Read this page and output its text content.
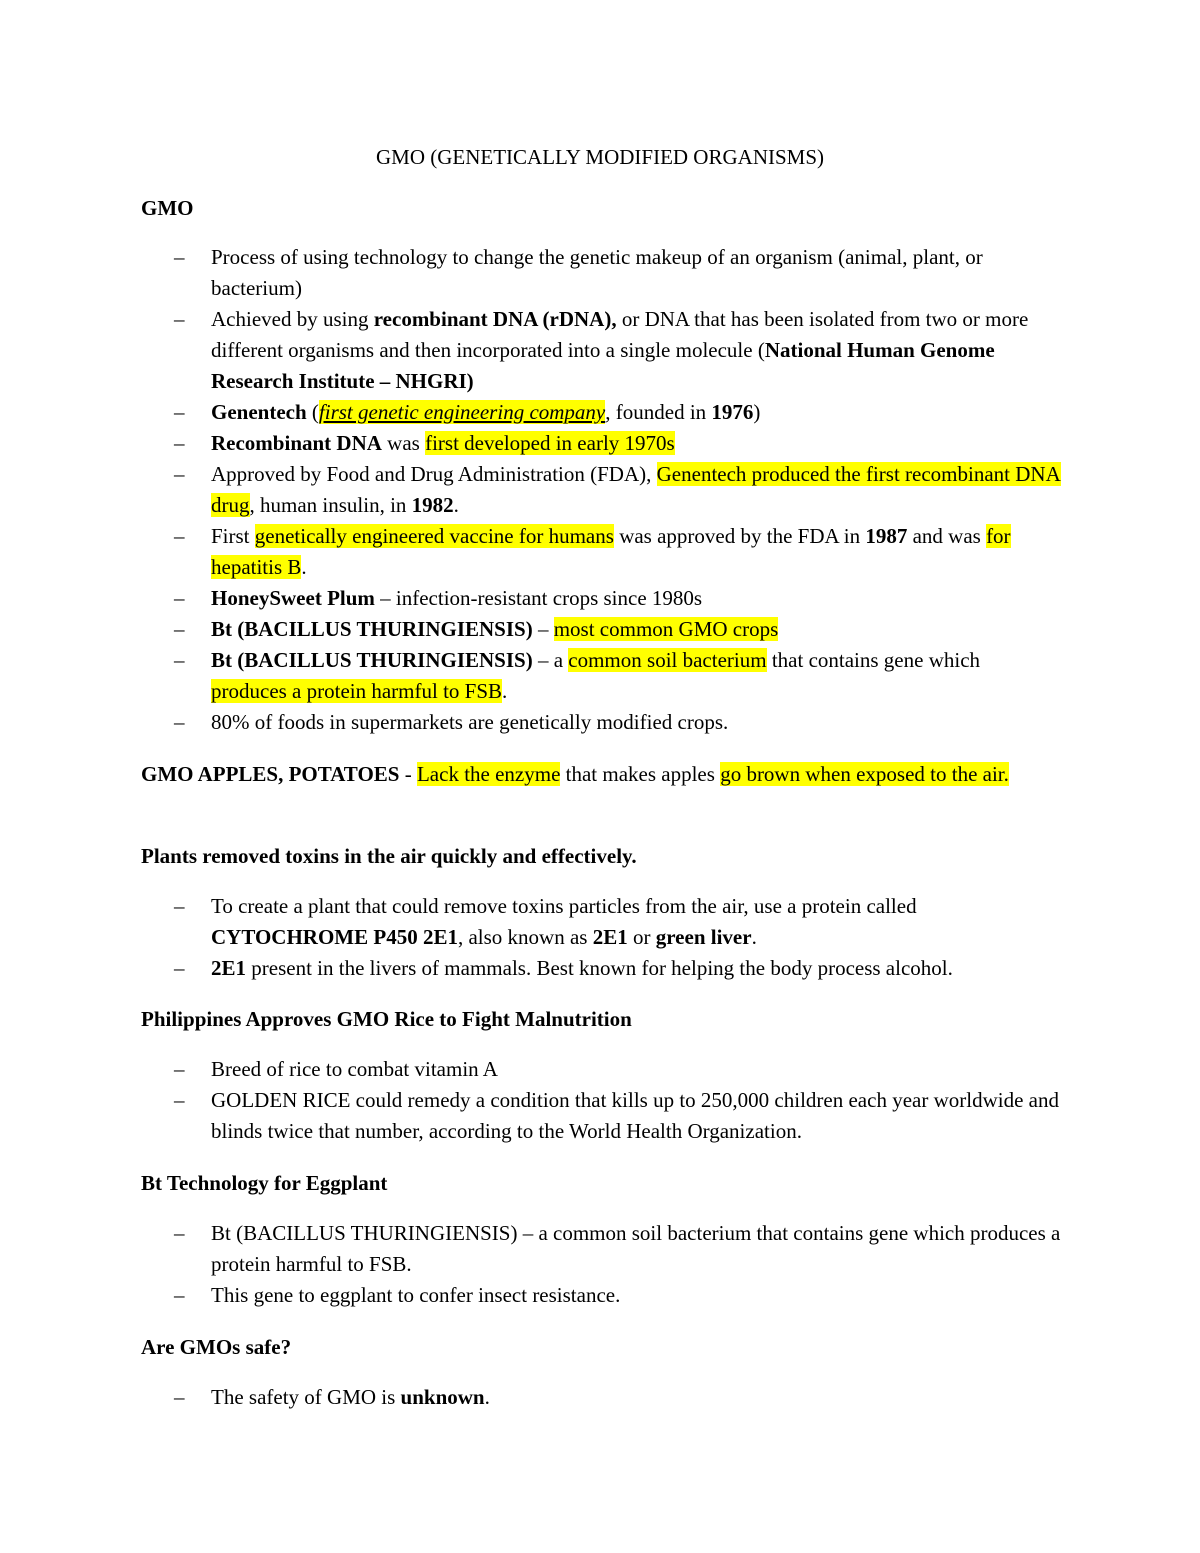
GMO (GENETICALLY MODIFIED ORGANISMS)
GMO
– Process of using technology to change the genetic makeup of an organism (animal, plant, or bacterium)
– Achieved by using recombinant DNA (rDNA), or DNA that has been isolated from two or more different organisms and then incorporated into a single molecule (National Human Genome Research Institute – NHGRI)
– Genentech (first genetic engineering company, founded in 1976)
– Recombinant DNA was first developed in early 1970s
– Approved by Food and Drug Administration (FDA), Genentech produced the first recombinant DNA drug, human insulin, in 1982.
– First genetically engineered vaccine for humans was approved by the FDA in 1987 and was for hepatitis B.
– HoneySweet Plum – infection-resistant crops since 1980s
– Bt (BACILLUS THURINGIENSIS) – most common GMO crops
– Bt (BACILLUS THURINGIENSIS) – a common soil bacterium that contains gene which produces a protein harmful to FSB.
– 80% of foods in supermarkets are genetically modified crops.
GMO APPLES, POTATOES - Lack the enzyme that makes apples go brown when exposed to the air.
Plants removed toxins in the air quickly and effectively.
– To create a plant that could remove toxins particles from the air, use a protein called CYTOCHROME P450 2E1, also known as 2E1 or green liver.
– 2E1 present in the livers of mammals. Best known for helping the body process alcohol.
Philippines Approves GMO Rice to Fight Malnutrition
– Breed of rice to combat vitamin A
– GOLDEN RICE could remedy a condition that kills up to 250,000 children each year worldwide and blinds twice that number, according to the World Health Organization.
Bt Technology for Eggplant
– Bt (BACILLUS THURINGIENSIS) – a common soil bacterium that contains gene which produces a protein harmful to FSB.
– This gene to eggplant to confer insect resistance.
Are GMOs safe?
– The safety of GMO is unknown.
